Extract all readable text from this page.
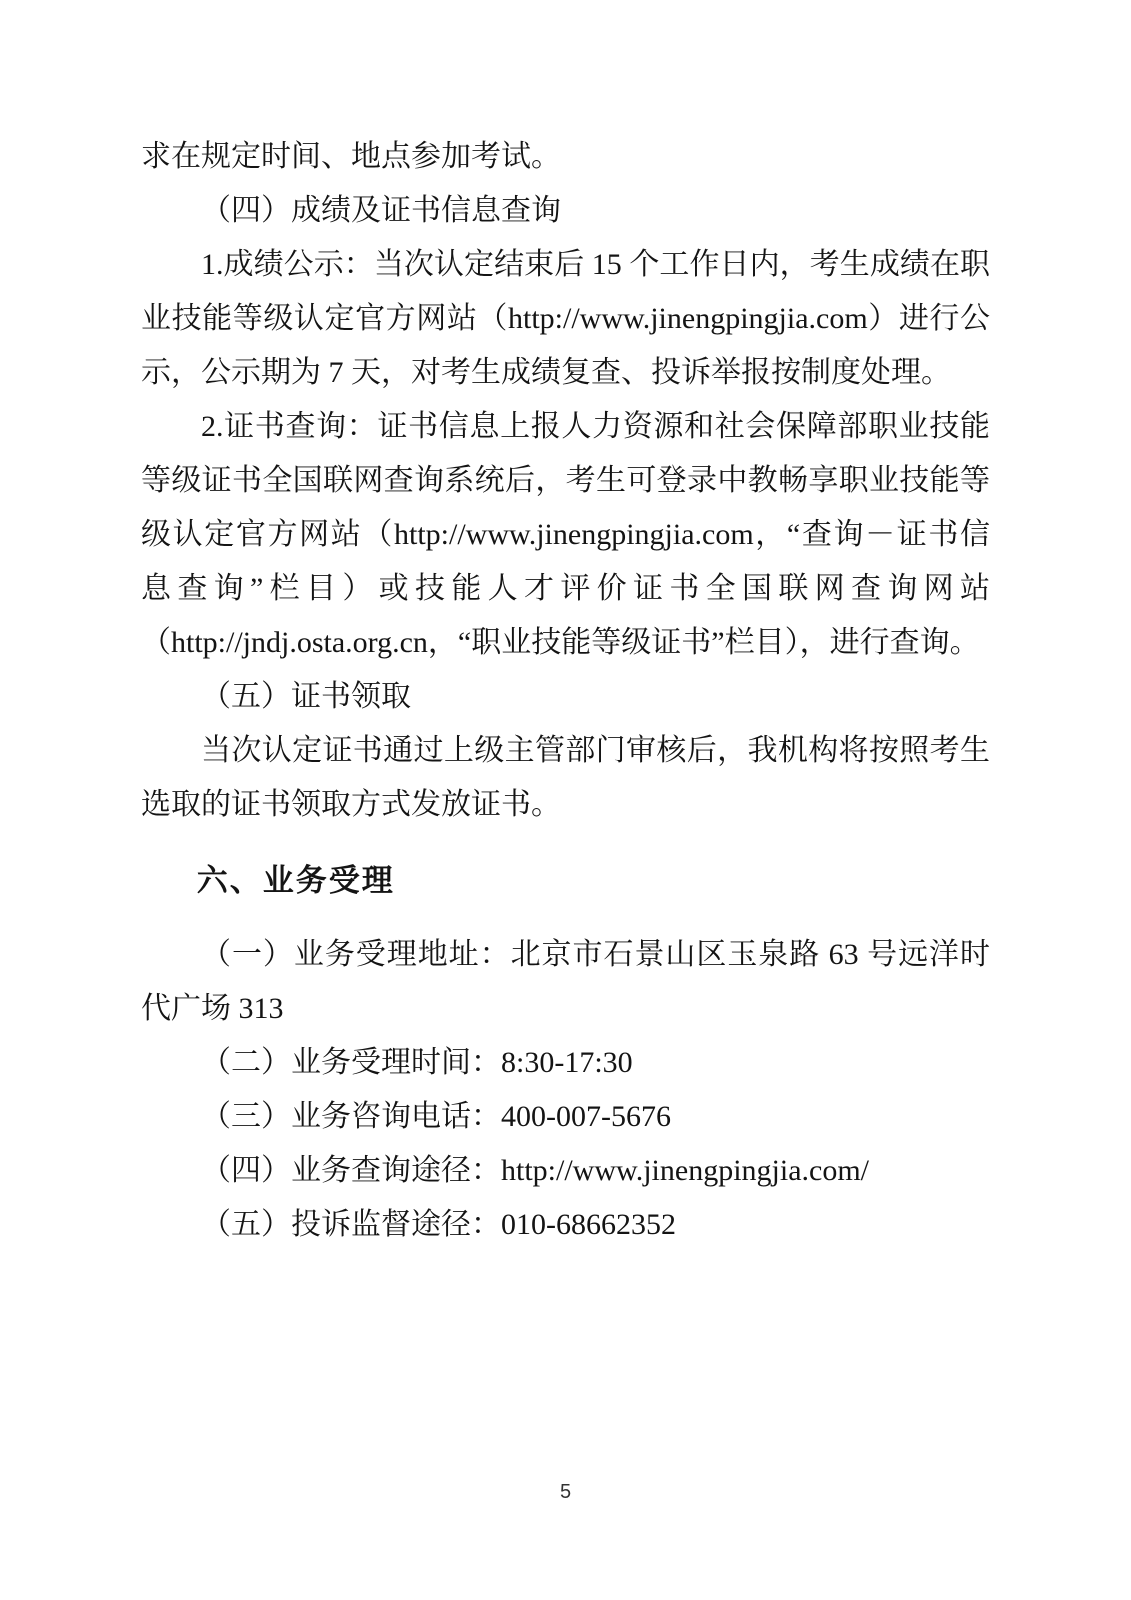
求在规定时间、地点参加考试。

（四）成绩及证书信息查询

1.成绩公示：当次认定结束后 15 个工作日内，考生成绩在职业技能等级认定官方网站（http://www.jinengpingjia.com）进行公示，公示期为 7 天，对考生成绩复查、投诉举报按制度处理。

2.证书查询：证书信息上报人力资源和社会保障部职业技能等级证书全国联网查询系统后，考生可登录中教畅享职业技能等级认定官方网站（http://www.jinengpingjia.com，“查询－证书信息查询”栏目）或技能人才评价证书全国联网查询网站（http://jndj.osta.org.cn，“职业技能等级证书”栏目），进行查询。

（五）证书领取

当次认定证书通过上级主管部门审核后，我机构将按照考生选取的证书领取方式发放证书。

六、业务受理

（一）业务受理地址：北京市石景山区玉泉路 63 号远洋时代广场 313

（二）业务受理时间：8:30-17:30

（三）业务咨询电话：400-007-5676

（四）业务查询途径：http://www.jinengpingjia.com/

（五）投诉监督途径：010-68662352

5
